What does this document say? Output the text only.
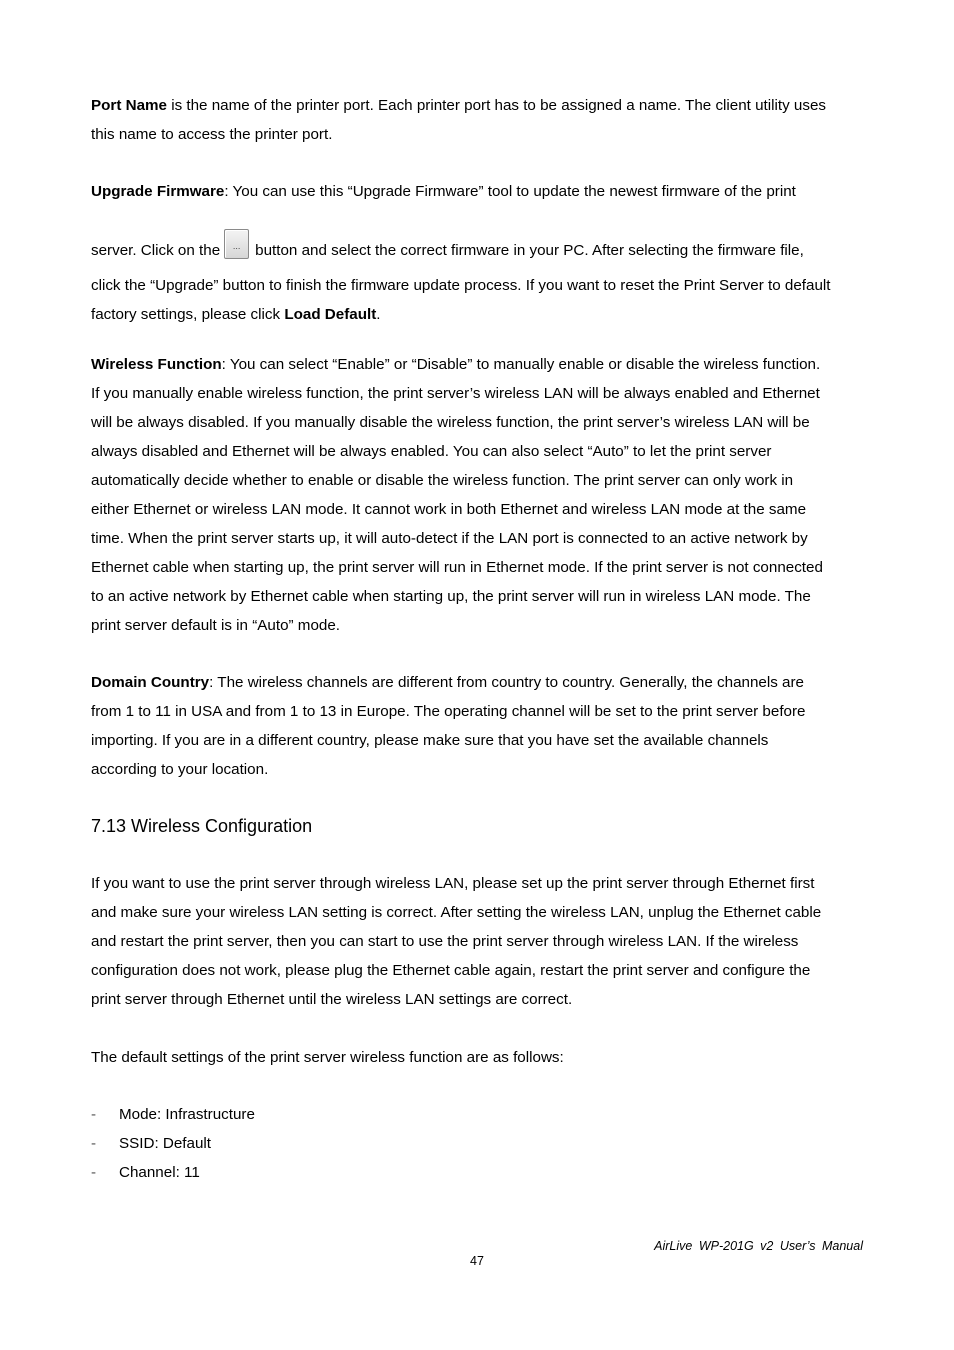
Port Name is the name of the printer port. Each printer port has to be assigned a name. The client utility uses
this name to access the printer port.

Upgrade Firmware: You can use this “Upgrade Firmware” tool to update the newest firmware of the print
server. Click on the	... button and select the correct firmware in your PC. After selecting the firmware file,
click the “Upgrade” button to finish the firmware update process. If you want to reset the Print Server to default
factory settings, please click Load Default.

Wireless Function: You can select “Enable” or “Disable” to manually enable or disable the wireless function.
If you manually enable wireless function, the print server’s wireless LAN will be always enabled and Ethernet
will be always disabled. If you manually disable the wireless function, the print server’s wireless LAN will be
always disabled and Ethernet will be always enabled. You can also select “Auto” to let the print server
automatically decide whether to enable or disable the wireless function. The print server can only work in
either Ethernet or wireless LAN mode. It cannot work in both Ethernet and wireless LAN mode at the same
time. When the print server starts up, it will auto-detect if the LAN port is connected to an active network by
Ethernet cable when starting up, the print server will run in Ethernet mode. If the print server is not connected
to an active network by Ethernet cable when starting up, the print server will run in wireless LAN mode. The
print server default is in “Auto” mode.

Domain Country: The wireless channels are different from country to country. Generally, the channels are
from 1 to 11 in USA and from 1 to 13 in Europe. The operating channel will be set to the print server before
importing. If you are in a different country, please make sure that you have set the available channels
according to your location.

7.13 Wireless Configuration

If you want to use the print server through wireless LAN, please set up the print server through Ethernet first
and make sure your wireless LAN setting is correct. After setting the wireless LAN, unplug the Ethernet cable
and restart the print server, then you can start to use the print server through wireless LAN. If the wireless
configuration does not work, please plug the Ethernet cable again, restart the print server and configure the
print server through Ethernet until the wireless LAN settings are correct.

The default settings of the print server wireless function are as follows:

- Mode: Infrastructure
- SSID: Default
- Channel: 11
AirLive WP-201G v2 User’s Manual
47
